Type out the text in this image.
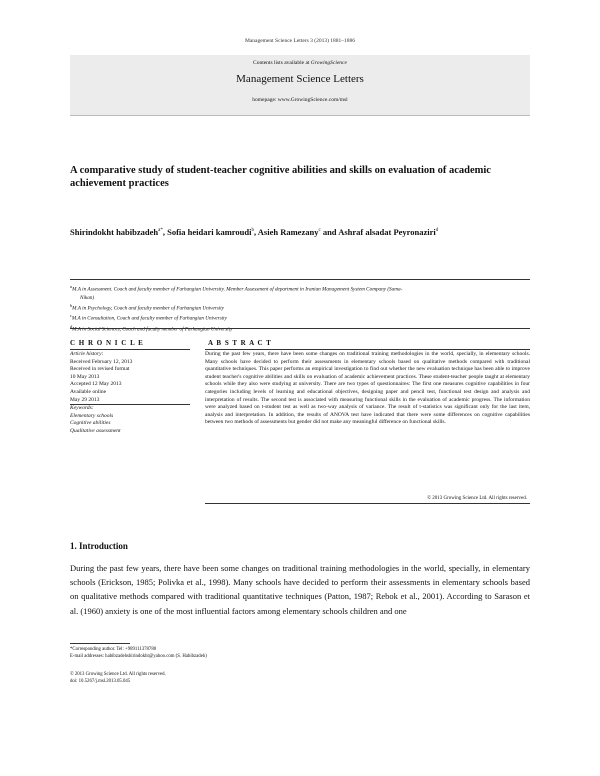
Management Science Letters 3 (2013) 1881–1886
Contents lists available at GrowingScience
Management Science Letters
homepage: www.GrowingScience.com/msl
A comparative study of student-teacher cognitive abilities and skills on evaluation of academic achievement practices
Shirindokht habibzadeh$^{a*}$, Sofia heidari kamroudi$^b$, Asieh Ramezany$^c$ and Ashraf alsadat Peyronaziri$^d$
$^a$M.A in Assessment. Coach and faculty member of Farhangian University. Member Assessment of department in Iranian Management System Company (Sama-
Nikan)
$^b$M.A in Psychology, Coach and faculty member of Farhangian University
$^c$M.A in Consultation, Coach and faculty member of Farhangian University
$^d$M.A in Social Sciences, Coach and faculty member of Farhangian University
C H R O N I C L E	A B S T R A C T
Article history:
Received February 12, 2013
Received in revised format
10 May 2013
Accepted 12 May 2013
Available online
May 29 2013
Keywords:
Elementary schools
Cognitive abilities
Qualitative assessment
During the past few years, there have been some changes on traditional training methodologies in the world, specially, in elementary schools. Many schools have decided to perform their assessments in elementary schools based on qualitative methods compared with traditional quantitative techniques. This paper performs an empirical investigation to find out whether the new evaluation technique has been able to improve student teacher's cognitive abilities and skills on evaluation of academic achievement practices. These student-teacher people taught at elementary schools while they also were studying at university. There are two types of questionnaires: The first one measures cognitive capabilities in four categories including levels of learning and educational objectives, designing paper and pencil test, functional test design and analysis and interpretation of results. The second test is associated with measuring functional skills in the evaluation of academic progress. The information were analyzed based on t-student test as well as two-way analysis of variance. The result of t-statistics was significant only for the last item, analysis and interpretation. In addition, the results of ANOVA test have indicated that there were some differences on cognitive capabilities between two methods of assessments but gender did not make any meaningful difference on functional skills.
© 2013 Growing Science Ltd. All rights reserved.
1. Introduction
During the past few years, there have been some changes on traditional training methodologies in the world, specially, in elementary schools (Erickson, 1985; Polivka et al., 1998). Many schools have decided to perform their assessments in elementary schools based on qualitative methods compared with traditional quantitative techniques (Patton, 1987; Rebok et al., 2001). According to Sarason et al. (1960) anxiety is one of the most influential factors among elementary schools children and one
*Corresponding author. Tel: +989111378780
E-mail addresses: habibzadehshirindokht@yahoo.com (S. Habibzadeh)
© 2013 Growing Science Ltd. All rights reserved.
doi: 10.5267/j.msl.2013.05.045
